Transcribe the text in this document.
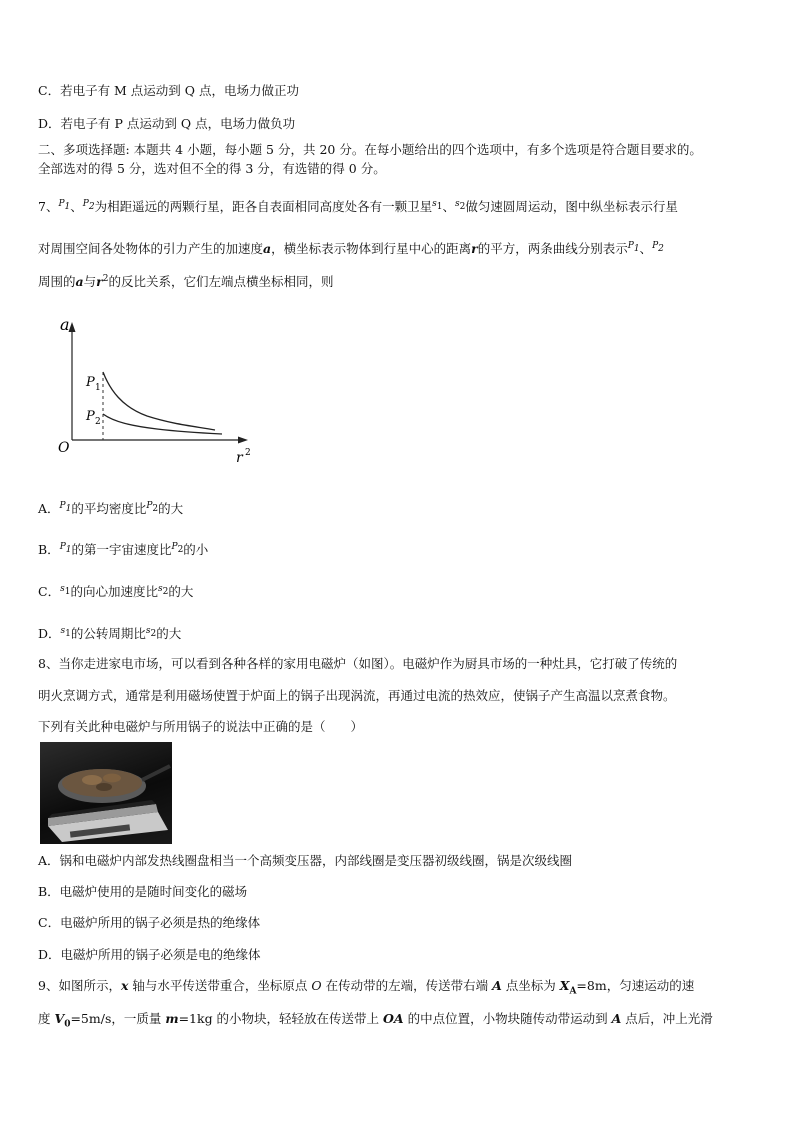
C．若电子有 M 点运动到 Q 点，电场力做正功
D．若电子有 P 点运动到 Q 点，电场力做负功
二、多项选择题: 本题共 4 小题，每小题 5 分，共 20 分。在每小题给出的四个选项中，有多个选项是符合题目要求的。
全部选对的得 5 分，选对但不全的得 3 分，有选错的得 0 分。
7、$^{P_1}$、$^{P_2}$为相距遥远的两颗行星，距各自表面相同高度处各有一颗卫星$^{s_1}$、$^{s_2}$做匀速圆周运动，图中纵坐标表示行星
对周围空间各处物体的引力产生的加速度a，横坐标表示物体到行星中心的距离r的平方，两条曲线分别表示$^{P_1}$、$^{P_2}$
周围的a与$r^2$的反比关系，它们左端点横坐标相同，则
a
r 2
O
P 1
P 2
A．$^{P_1}$的平均密度比$^{P_2}$的大
B．$^{P_1}$的第一宇宙速度比$^{P_2}$的小
C．$^{s_1}$的向心加速度比$^{s_2}$的大
D．$^{s_1}$的公转周期比$^{s_2}$的大
8、当你走进家电市场，可以看到各种各样的家用电磁炉（如图）。电磁炉作为厨具市场的一种灶具，它打破了传统的
明火烹调方式，通常是利用磁场使置于炉面上的锅子出现涡流，再通过电流的热效应，使锅子产生高温以烹煮食物。
下列有关此种电磁炉与所用锅子的说法中正确的是（　　）
A．锅和电磁炉内部发热线圈盘相当一个高频变压器，内部线圈是变压器初级线圈，锅是次级线圈
B．电磁炉使用的是随时间变化的磁场
C．电磁炉所用的锅子必须是热的绝缘体
D．电磁炉所用的锅子必须是电的绝缘体
9、如图所示，x 轴与水平传送带重合，坐标原点 O 在传动带的左端，传送带右端 A 点坐标为 $X_A=8m$，匀速运动的速
度 $V_0=5m/s$，一质量 m=1kg 的小物块，轻轻放在传送带上 OA 的中点位置，小物块随传动带运动到 A 点后，冲上光滑
